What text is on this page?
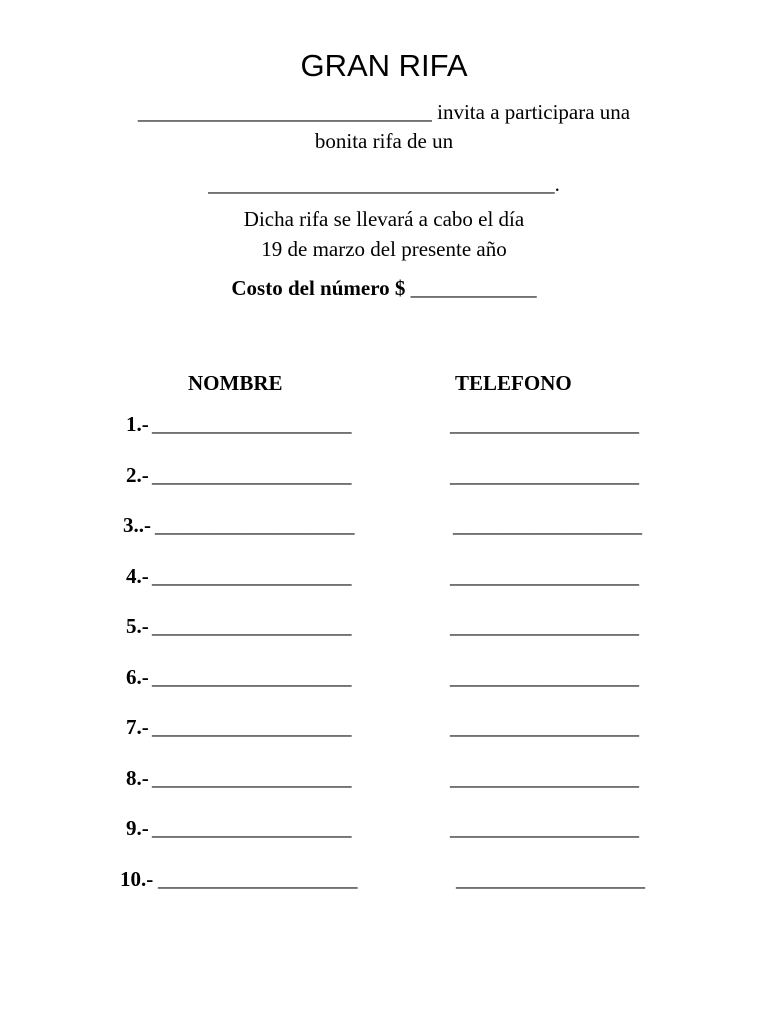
GRAN RIFA
____________________________ invita a participara una
bonita rifa de un
_________________________________.
Dicha rifa se llevará a cabo el día
19 de marzo del presente año
Costo del número $ ____________
NOMBRE	TELEFONO
1.- ___________________	__________________
2.- ___________________	__________________
3..- ___________________	__________________
4.- ___________________	__________________
5.- ___________________	__________________
6.- ___________________	__________________
7.- ___________________	__________________
8.- ___________________	__________________
9.- ___________________	__________________
10.- ___________________	__________________
